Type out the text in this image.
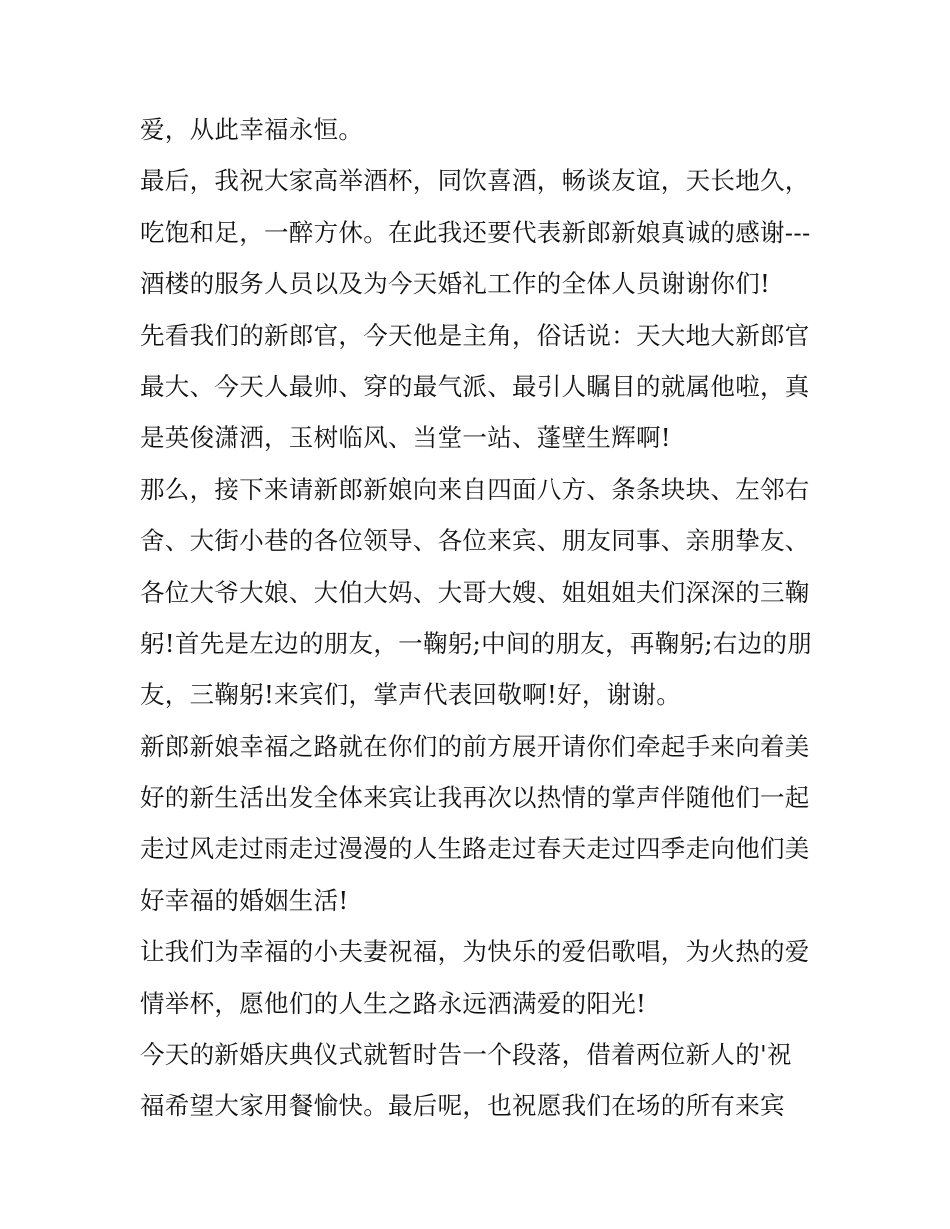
爱，从此幸福永恒。
最后，我祝大家高举酒杯，同饮喜酒，畅谈友谊，天长地久，
吃饱和足，一醉方休。在此我还要代表新郎新娘真诚的感谢---
酒楼的服务人员以及为今天婚礼工作的全体人员谢谢你们!
先看我们的新郎官，今天他是主角，俗话说：天大地大新郎官
最大、今天人最帅、穿的最气派、最引人瞩目的就属他啦，真
是英俊潇洒，玉树临风、当堂一站、蓬壁生辉啊!
那么，接下来请新郎新娘向来自四面八方、条条块块、左邻右
舍、大街小巷的各位领导、各位来宾、朋友同事、亲朋挚友、
各位大爷大娘、大伯大妈、大哥大嫂、姐姐姐夫们深深的三鞠
躬!首先是左边的朋友，一鞠躬;中间的朋友，再鞠躬;右边的朋
友，三鞠躬!来宾们，掌声代表回敬啊!好，谢谢。
新郎新娘幸福之路就在你们的前方展开请你们牵起手来向着美
好的新生活出发全体来宾让我再次以热情的掌声伴随他们一起
走过风走过雨走过漫漫的人生路走过春天走过四季走向他们美
好幸福的婚姻生活!
让我们为幸福的小夫妻祝福，为快乐的爱侣歌唱，为火热的爱
情举杯，愿他们的人生之路永远洒满爱的阳光!
今天的新婚庆典仪式就暂时告一个段落，借着两位新人的'祝
福希望大家用餐愉快。最后呢，也祝愿我们在场的所有来宾
